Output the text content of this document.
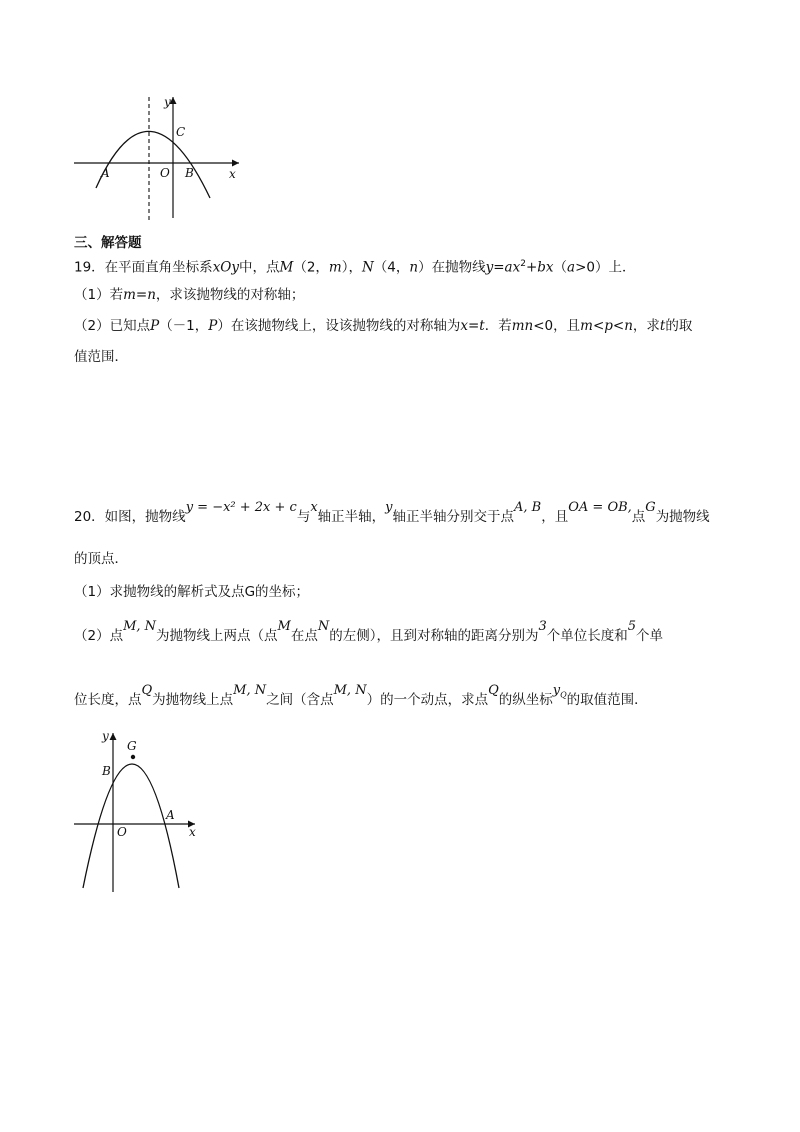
y
x
C
A	O B
三、解答题
19．在平面直角坐标系xOy中，点M（2，m），N（4，n）在抛物线$y=ax^2+bx(a>0)$上．
（1）若m=n，求该抛物线的对称轴；
（2）已知点P（－1，P）在该抛物线上，设该抛物线的对称轴为x=t．若mn<0，且m<p<n，求t的取
值范围．
20．如图，抛物线y = −x² + 2x + c与x轴正半轴，y轴正半轴分别交于点A, B，且OA = OB,点G为抛物线
的顶点．
（1）求抛物线的解析式及点G的坐标；
（2）点M, N为抛物线上两点（点M在点N的左侧），且到对称轴的距离分别为3个单位长度和5个单
位长度，点Q为抛物线上点M, N之间（含点M, N）的一个动点，求点Q的纵坐标$y_Q$的取值范围．
y
G
B
A
O	x
